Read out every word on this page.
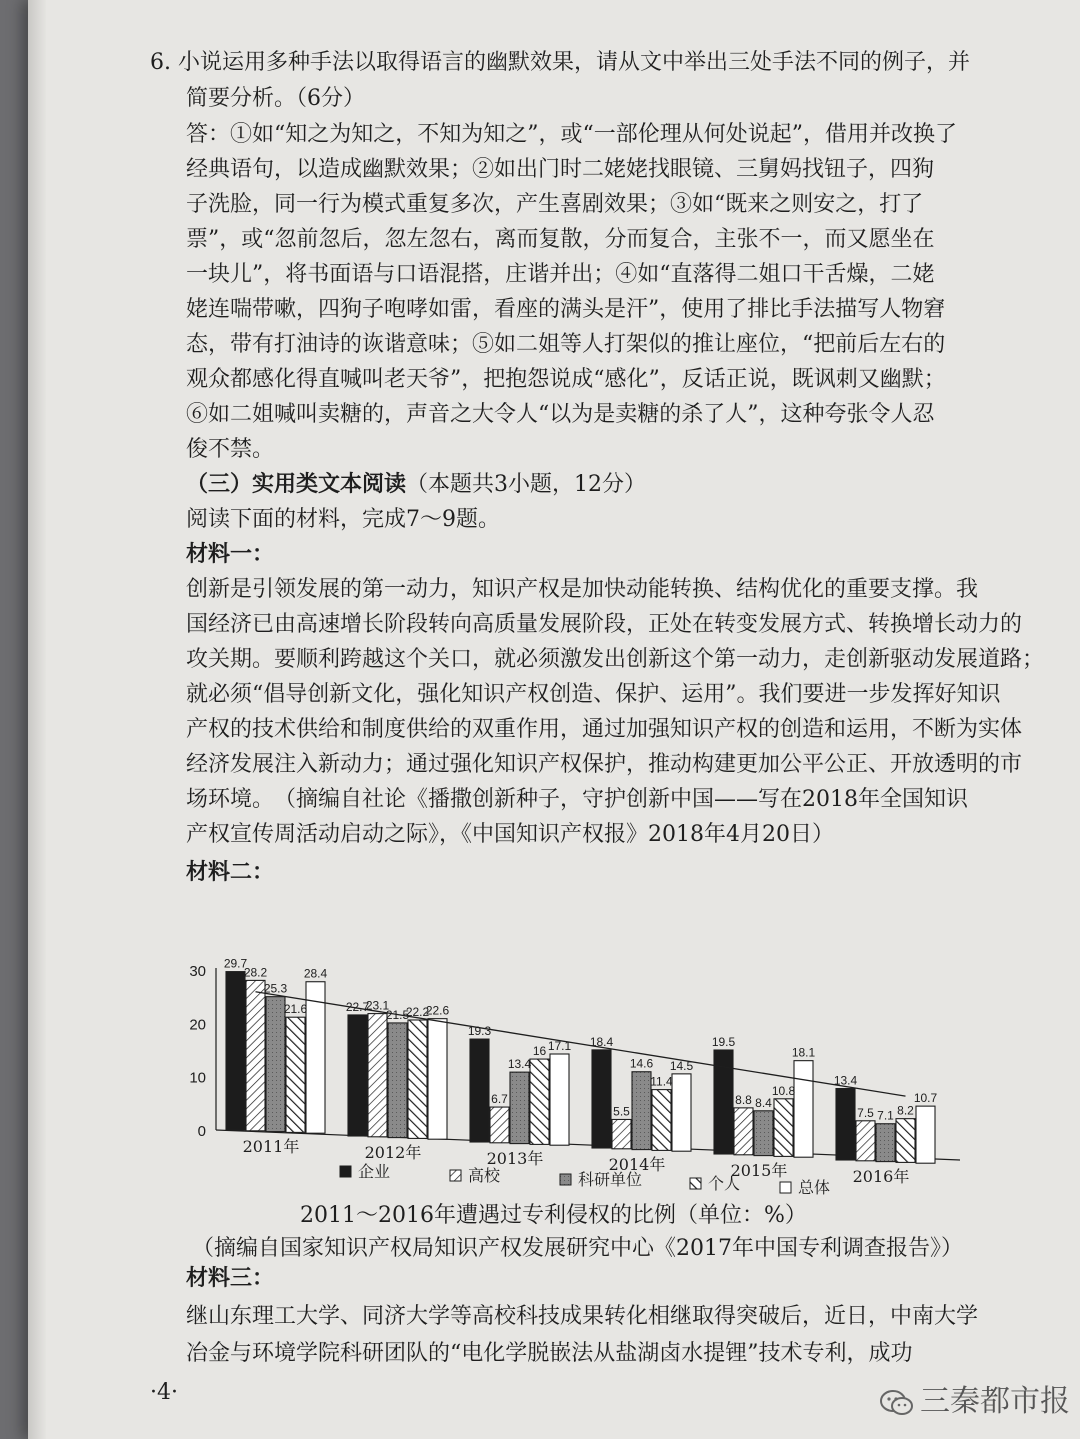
6. 小说运用多种手法以取得语言的幽默效果，请从文中举出三处手法不同的例子，并
简要分析。（6分）
答：①如“知之为知之，不知为知之”，或“一部伦理从何处说起”，借用并改换了
经典语句，以造成幽默效果；②如出门时二姥姥找眼镜、三舅妈找钮子，四狗
子洗脸，同一行为模式重复多次，产生喜剧效果；③如“既来之则安之，打了
票”，或“忽前忽后，忽左忽右，离而复散，分而复合，主张不一，而又愿坐在
一块儿”，将书面语与口语混搭，庄谐并出；④如“直落得二姐口干舌燥，二姥
姥连喘带嗽，四狗子咆哮如雷，看座的满头是汗”，使用了排比手法描写人物窘
态，带有打油诗的诙谐意味；⑤如二姐等人打架似的推让座位，“把前后左右的
观众都感化得直喊叫老天爷”，把抱怨说成“感化”，反话正说，既讽刺又幽默；
⑥如二姐喊叫卖糖的，声音之大令人“以为是卖糖的杀了人”，这种夸张令人忍
俊不禁。
（三）实用类文本阅读（本题共3小题，12分）
阅读下面的材料，完成7～9题。
材料一：
创新是引领发展的第一动力，知识产权是加快动能转换、结构优化的重要支撑。我
国经济已由高速增长阶段转向高质量发展阶段，正处在转变发展方式、转换增长动力的
攻关期。要顺利跨越这个关口，就必须激发出创新这个第一动力，走创新驱动发展道路；
就必须“倡导创新文化，强化知识产权创造、保护、运用”。我们要进一步发挥好知识
产权的技术供给和制度供给的双重作用，通过加强知识产权的创造和运用，不断为实体
经济发展注入新动力；通过强化知识产权保护，推动构建更加公平公正、开放透明的市
场环境。　（摘编自社论《播撒创新种子，守护创新中国——写在2018年全国知识
产权宣传周活动启动之际》，《中国知识产权报》2018年4月20日）
材料二：
0
10
20
30 29.7
28.2
25.3
21.6
28.4
2011年
22.7
23.1
21.5
22.2
22.6
2012年
19.3
6.7
13.4
16 17.1
2013年
18.4
5.5
14.6
11.4
14.5
2014年
19.5
8.8 8.4
10.8
18.1
2015年
13.4
7.5 7.1 8.2
10.7
2016年
企业	高校	科研单位	个人	总体
2011～2016年遭遇过专利侵权的比例（单位：%）
（摘编自国家知识产权局知识产权发展研究中心《2017年中国专利调查报告》）
材料三：
继山东理工大学、同济大学等高校科技成果转化相继取得突破后，近日，中南大学
冶金与环境学院科研团队的“电化学脱嵌法从盐湖卤水提锂”技术专利，成功
·4·	三秦都市报
